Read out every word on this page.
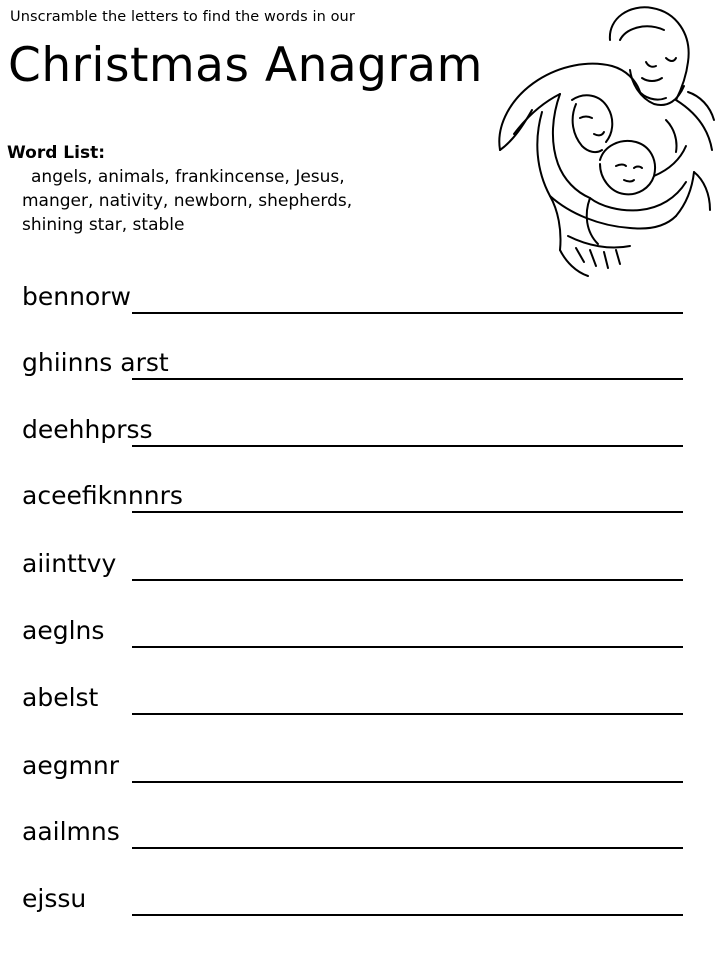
Unscramble the letters to find the words in our
Christmas Anagram
Word List:
angels, animals, frankincense, Jesus,
manger, nativity, newborn, shepherds,
shining star, stable
bennorw
ghiinns arst
deehhprss
aceefiknnnrs
aiinttvy
aeglns
abelst
aegmnr
aailmns
ejssu
